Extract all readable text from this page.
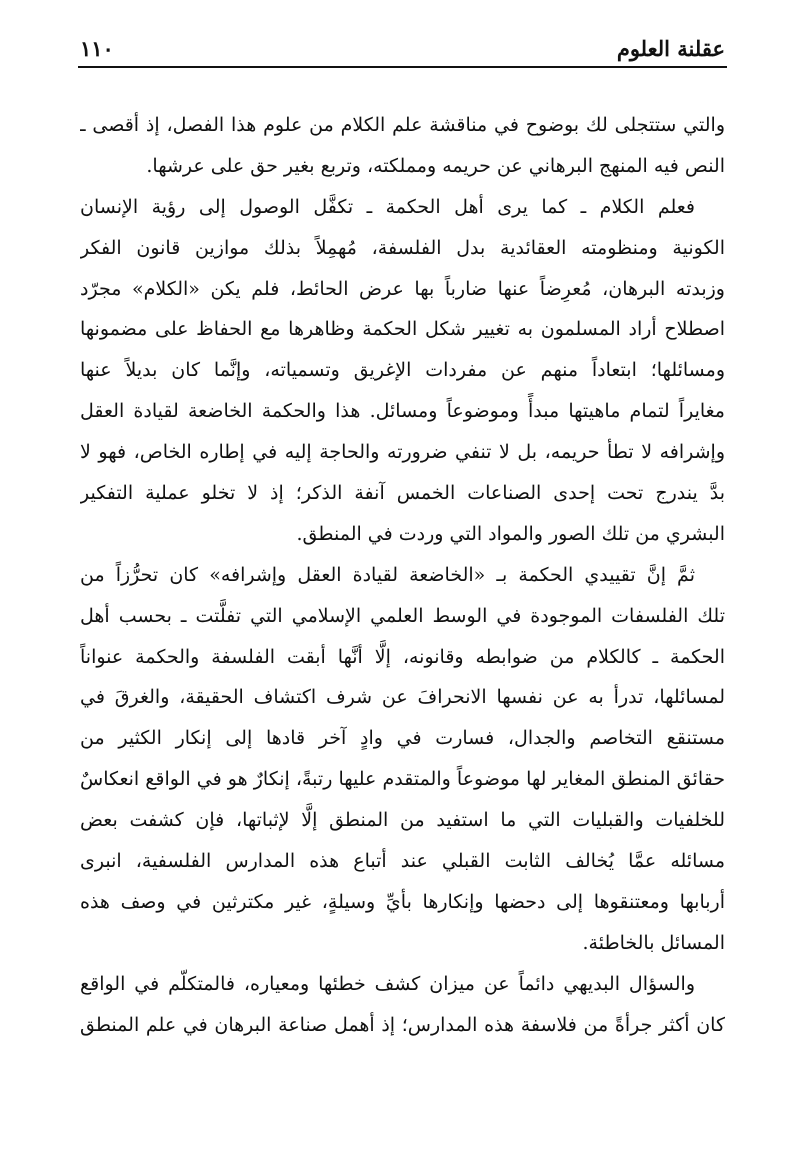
عقلنة العلوم
١١٠
والتي ستتجلى لك بوضوح في مناقشة علم الكلام من علوم هذا الفصل، إذ أقصى ـ
النص فيه المنهج البرهاني عن حريمه ومملكته، وتربع بغير حق على عرشها.
فعلم الكلام ـ كما يرى أهل الحكمة ـ تكفَّل الوصول إلى رؤية الإنسان
الكونية ومنظومته العقائدية بدل الفلسفة، مُهمِلاً بذلك موازين قانون الفكر
وزبدته البرهان، مُعرِضاً عنها ضارباً بها عرض الحائط، فلم يكن «الكلام» مجرّد
اصطلاح أراد المسلمون به تغيير شكل الحكمة وظاهرها مع الحفاظ على مضمونها
ومسائلها؛ ابتعاداً منهم عن مفردات الإغريق وتسمياته، وإنَّما كان بديلاً عنها
مغايراً لتمام ماهيتها مبدأً وموضوعاً ومسائل. هذا والحكمة الخاضعة لقيادة العقل
وإشرافه لا تطأ حريمه، بل لا تنفي ضرورته والحاجة إليه في إطاره الخاص، فهو لا
بدَّ يندرج تحت إحدى الصناعات الخمس آنفة الذكر؛ إذ لا تخلو عملية التفكير
البشري من تلك الصور والمواد التي وردت في المنطق.
ثمَّ إنَّ تقييدي الحكمة بـ «الخاضعة لقيادة العقل وإشرافه» كان تحرُّزاً من
تلك الفلسفات الموجودة في الوسط العلمي الإسلامي التي تفلَّتت ـ بحسب أهل
الحكمة ـ كالكلام من ضوابطه وقانونه، إلَّا أنَّها أبقت الفلسفة والحكمة عنواناً
لمسائلها، تدرأ به عن نفسها الانحرافَ عن شرف اكتشاف الحقيقة، والغرقَ في
مستنقع التخاصم والجدال، فسارت في وادٍ آخر قادها إلى إنكار الكثير من
حقائق المنطق المغاير لها موضوعاً والمتقدم عليها رتبةً، إنكارٌ هو في الواقع انعكاسٌ
للخلفيات والقبليات التي ما استفيد من المنطق إلَّا لإثباتها، فإن كشفت بعض
مسائله عمَّا يُخالف الثابت القبلي عند أتباع هذه المدارس الفلسفية، انبرى
أربابها ومعتنقوها إلى دحضها وإنكارها بأيِّ وسيلةٍ، غير مكترثين في وصف هذه
المسائل بالخاطئة.
والسؤال البديهي دائماً عن ميزان كشف خطئها ومعياره، فالمتكلّم في الواقع
كان أكثر جرأةً من فلاسفة هذه المدارس؛ إذ أهمل صناعة البرهان في علم المنطق
